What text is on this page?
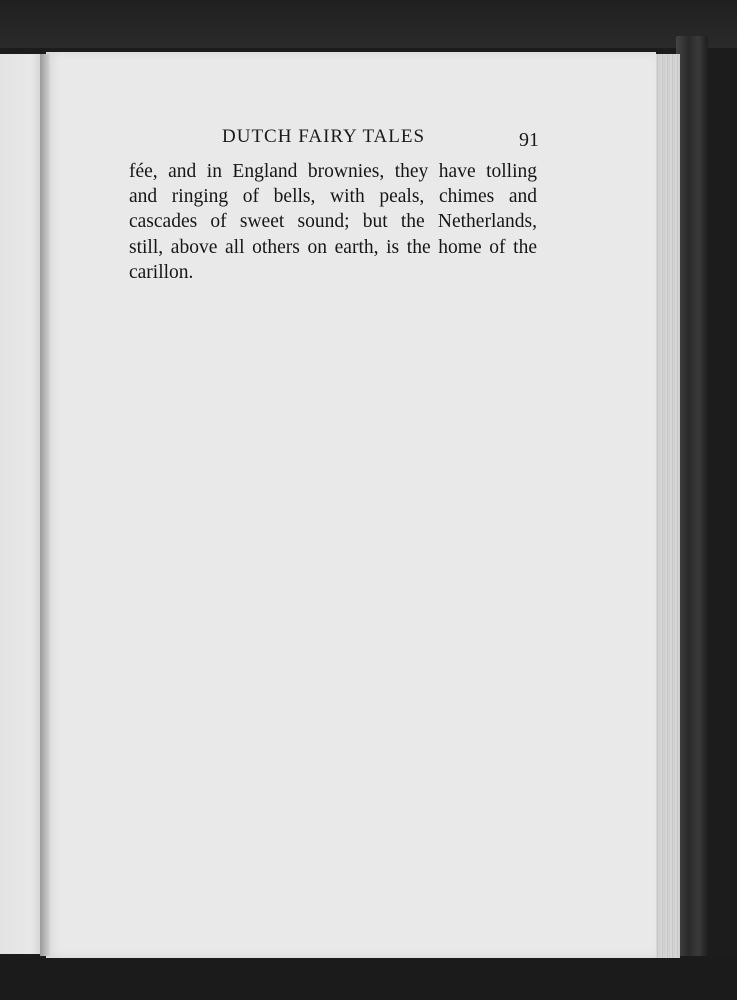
DUTCH FAIRY TALES	91
fée, and in England brownies, they have tolling
and ringing of bells, with peals, chimes and
cascades of sweet sound; but the Netherlands,
still, above all others on earth, is the home of the
carillon.
